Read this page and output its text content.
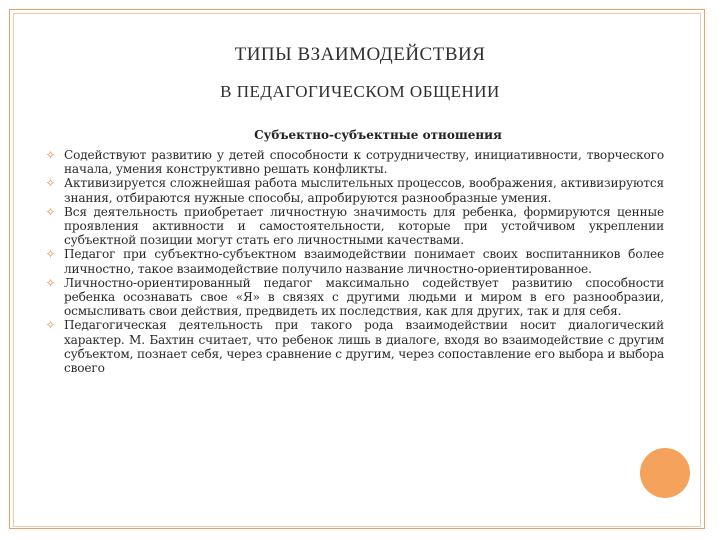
ТИПЫ ВЗАИМОДЕЙСТВИЯ
В ПЕДАГОГИЧЕСКОМ ОБЩЕНИИ
Субъектно-субъектные отношения
✧ Содействуют развитию у детей способности к сотрудничеству, инициативности, творческого начала, умения конструктивно решать конфликты.
✧ Активизируется сложнейшая работа мыслительных процессов, воображения, активизируются знания, отбираются нужные способы, апробируются разнообразные умения.
✧ Вся деятельность приобретает личностную значимость для ребенка, формируются ценные проявления активности и самостоятельности, которые при устойчивом укреплении субъектной позиции могут стать его личностными качествами.
✧ Педагог при субъектно-субъектном взаимодействии понимает своих воспитанников более личностно, такое взаимодействие получило название личностно-ориентированное.
✧ Личностно-ориентированный педагог максимально содействует развитию способности ребенка осознавать свое «Я» в связях с другими людьми и миром в его разнообразии, осмысливать свои действия, предвидеть их последствия, как для других, так и для себя.
✧ Педагогическая деятельность при такого рода взаимодействии носит диалогический характер. М. Бахтин считает, что ребенок лишь в диалоге, входя во взаимодействие с другим субъектом, познает себя, через сравнение с другим, через сопоставление его выбора и выбора своего
